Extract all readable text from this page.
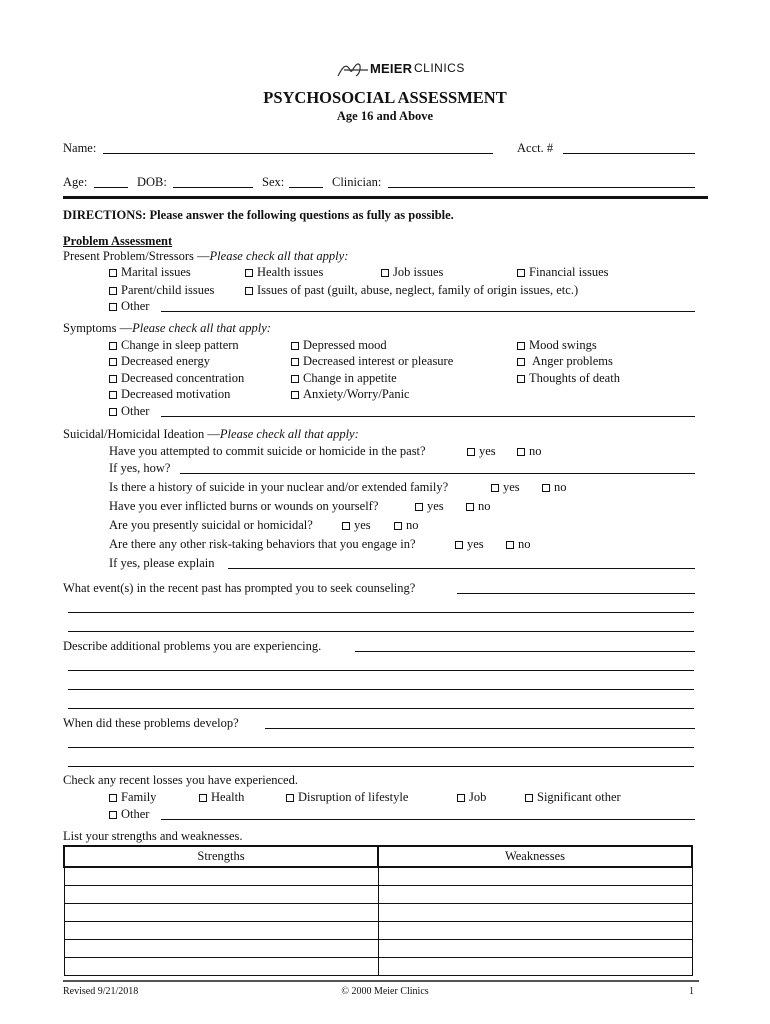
MEIER CLINICS
PSYCHOSOCIAL ASSESSMENT
Age 16 and Above
Name:	Acct. #
Age:	DOB:	Sex:	Clinician:
DIRECTIONS: Please answer the following questions as fully as possible.
Problem Assessment
Present Problem/Stressors —Please check all that apply:
Marital issues	Health issues	Job issues	Financial issues
Parent/child issues	Issues of past (guilt, abuse, neglect, family of origin issues, etc.)
Other
Symptoms —Please check all that apply:
Change in sleep pattern	Depressed mood	Mood swings
Decreased energy	Decreased interest or pleasure	Anger problems
Decreased concentration	Change in appetite	Thoughts of death
Decreased motivation	Anxiety/Worry/Panic
Other
Suicidal/Homicidal Ideation —Please check all that apply:
Have you attempted to commit suicide or homicide in the past?	yes	no
If yes, how?
Is there a history of suicide in your nuclear and/or extended family?	yes	no
Have you ever inflicted burns or wounds on yourself?	yes	no
Are you presently suicidal or homicidal?	yes	no
Are there any other risk-taking behaviors that you engage in?	yes	no
If yes, please explain
What event(s) in the recent past has prompted you to seek counseling?
Describe additional problems you are experiencing.
When did these problems develop?
Check any recent losses you have experienced.
Family	Health	Disruption of lifestyle	Job	Significant other
Other
List your strengths and weaknesses.
Strengths	Weaknesses

Revised 9/21/2018	© 2000 Meier Clinics	1
